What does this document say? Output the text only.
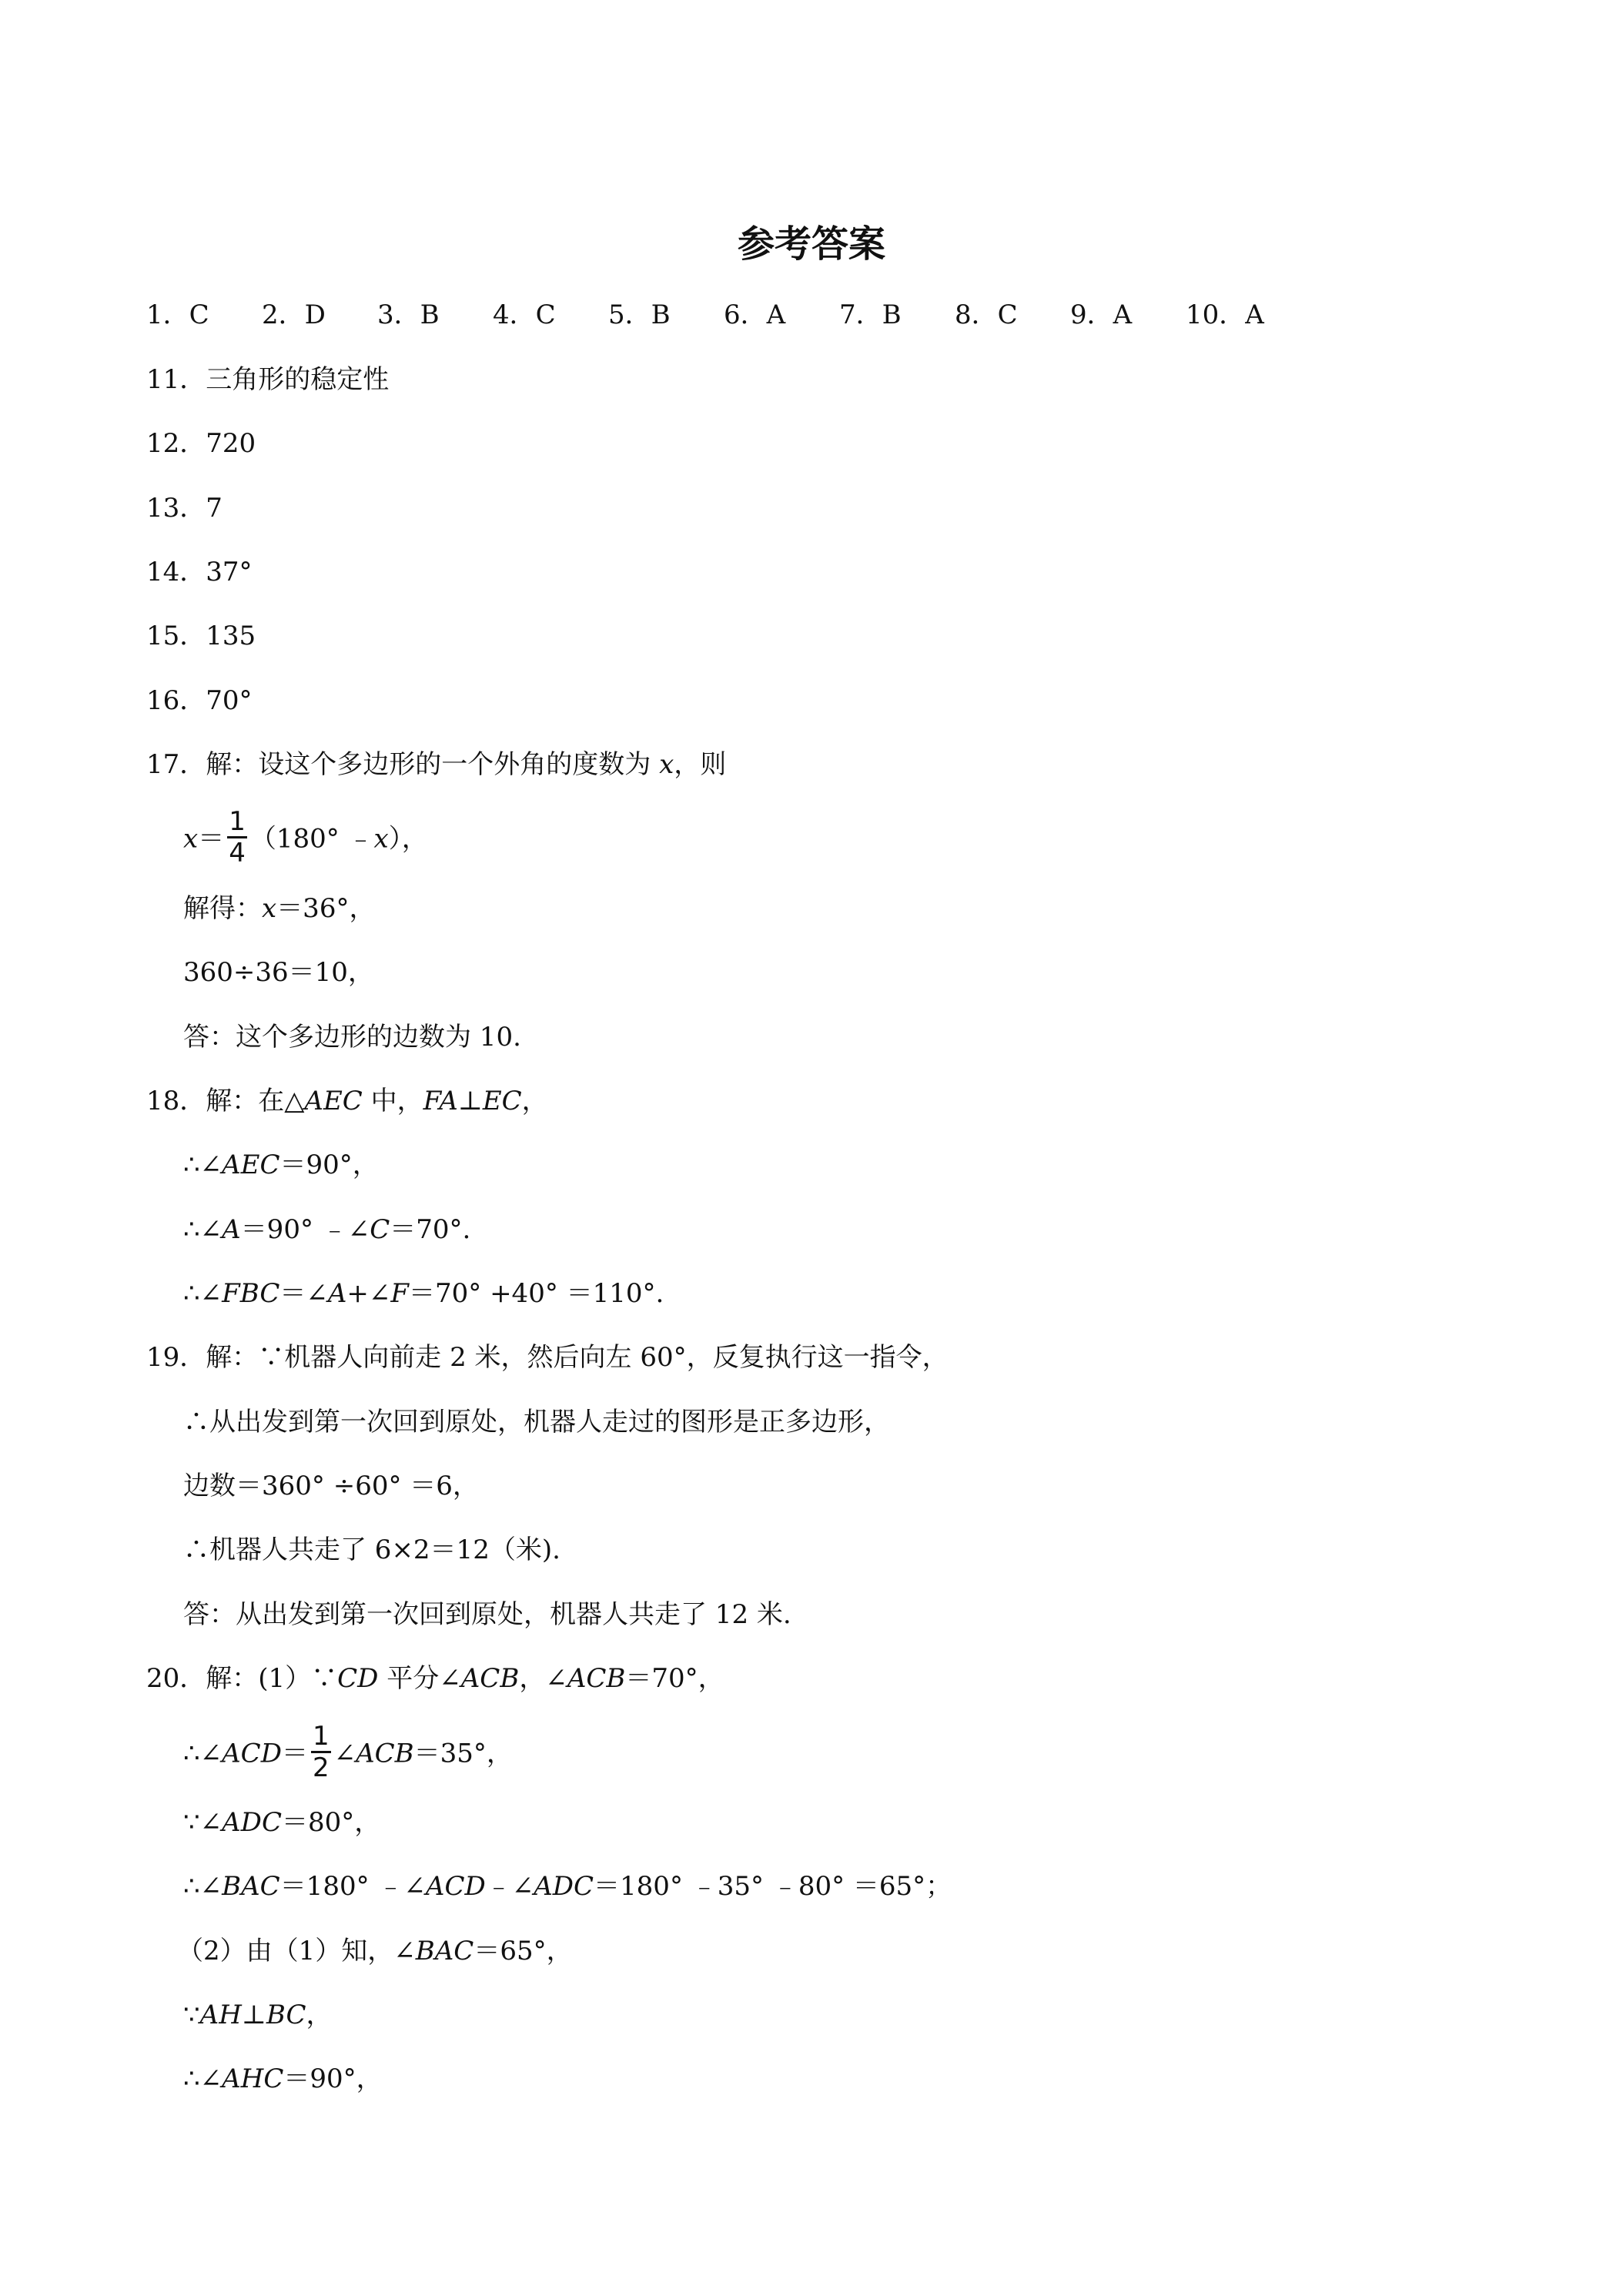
参考答案
1．C 2．D 3．B 4．C 5．B 6．A 7．B 8．C 9．A 10．A
11．三角形的稳定性
12．720
13．7
14．37°
15．135
16．70°
17．解：设这个多边形的一个外角的度数为 x，则
$x= \frac{1}{4} (180^\circ$ ﹣x），
解得：x＝36°，
360÷36＝10，
答：这个多边形的边数为 10.
18．解：在△AEC 中，FA⊥EC，
∴∠AEC＝90°，
∴∠A＝90° ﹣∠C＝70°.
∴∠FBC＝∠A+∠F＝70° +40° ＝110°.
19．解：∵机器人向前走 2 米，然后向左 60°，反复执行这一指令，
∴从出发到第一次回到原处，机器人走过的图形是正多边形，
边数＝360° ÷60° ＝6，
∴机器人共走了 6×2＝12（米).
答：从出发到第一次回到原处，机器人共走了 12 米.
20．解：(1）∵CD 平分∠ACB，∠ACB＝70°，
∴∠ACD＝ $\frac{1}{2}$ ∠ACB＝35°，
∵∠ADC＝80°，
∴∠BAC＝180° ﹣∠ACD﹣∠ADC＝180° ﹣35° ﹣80° ＝65°；
（2）由（1）知，∠BAC＝65°，
∵AH⊥BC，
∴∠AHC＝90°，
